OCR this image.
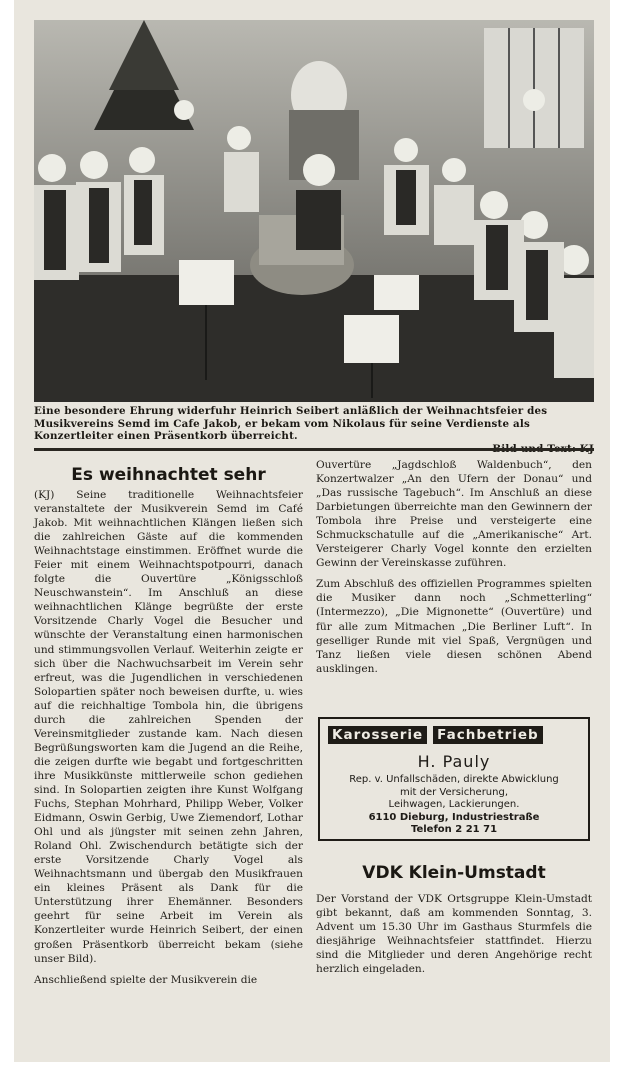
Eine besondere Ehrung widerfuhr Heinrich Seibert anläßlich der Weihnachtsfeier des Musikvereins Semd im Cafe Jakob, er bekam vom Nikolaus für seine Verdienste als Konzertleiter einen Präsentkorb überreicht.
Es weihnachtet sehr

(KJ) Seine traditionelle Weihnachtsfeier veranstaltete der Musikverein Semd im Café Jakob. Mit weihnachtlichen Klängen ließen sich die zahlreichen Gäste auf die kommenden Weihnachtstage einstimmen. Eröffnet wurde die Feier mit einem Weihnachtspotpourri, danach folgte die Ouvertüre „Königsschloß Neuschwanstein“. Im Anschluß an diese weihnachtlichen Klänge begrüßte der erste Vorsitzende Charly Vogel die Besucher und wünschte der Veranstaltung einen harmonischen und stimmungsvollen Verlauf. Weiterhin zeigte er sich über die Nachwuchsarbeit im Verein sehr erfreut, was die Jugendlichen in verschiedenen Solopartien später noch beweisen durfte, u. wies auf die reichhaltige Tombola hin, die übrigens durch die zahlreichen Spenden der Vereinsmitglieder zustande kam. Nach diesen Begrüßungsworten kam die Jugend an die Reihe, die zeigen durfte wie begabt und fortgeschritten ihre Musikkünste mittlerweile schon gediehen sind. In Solopartien zeigten ihre Kunst Wolfgang Fuchs, Stephan Mohrhard, Philipp Weber, Volker Eidmann, Oswin Gerbig, Uwe Ziemendorf, Lothar Ohl und als jüngster mit seinen zehn Jahren, Roland Ohl. Zwischendurch betätigte sich der erste Vorsitzende Charly Vogel als Weihnachtsmann und übergab den Musikfrauen ein kleines Präsent als Dank für die Unterstützung ihrer Ehemänner. Besonders geehrt für seine Arbeit im Verein als Konzertleiter wurde Heinrich Seibert, der einen großen Präsentkorb überreicht bekam (siehe unser Bild).

Anschließend spielte der Musikverein die

Ouvertüre „Jagdschloß Waldenbuch“, den Konzertwalzer „An den Ufern der Donau“ und „Das russische Tagebuch“. Im Anschluß an diese Darbietungen überreichte man den Gewinnern der Tombola ihre Preise und versteigerte eine Schmuckschatulle auf die „Amerikanische“ Art. Versteigerer Charly Vogel konnte den erzielten Gewinn der Vereinskasse zuführen.

Zum Abschluß des offiziellen Programmes spielten die Musiker dann noch „Schmetterling“ (Intermezzo), „Die Mignonette“ (Ouvertüre) und für alle zum Mitmachen „Die Berliner Luft“. In geselliger Runde mit viel Spaß, Vergnügen und Tanz ließen viele diesen schönen Abend ausklingen.

Karosserie Fachbetrieb
H. Pauly
Rep. v. Unfallschäden, direkte Abwicklung
mit der Versicherung,
Leihwagen, Lackierungen.
6110 Dieburg, Industriestraße
Telefon 2 21 71
VDK Klein-Umstadt

Der Vorstand der VDK Ortsgruppe Klein-Umstadt gibt bekannt, daß am kommenden Sonntag, 3. Advent um 15.30 Uhr im Gasthaus Sturmfels die diesjährige Weihnachtsfeier stattfindet. Hierzu sind die Mitglieder und deren Angehörige recht herzlich eingeladen.
